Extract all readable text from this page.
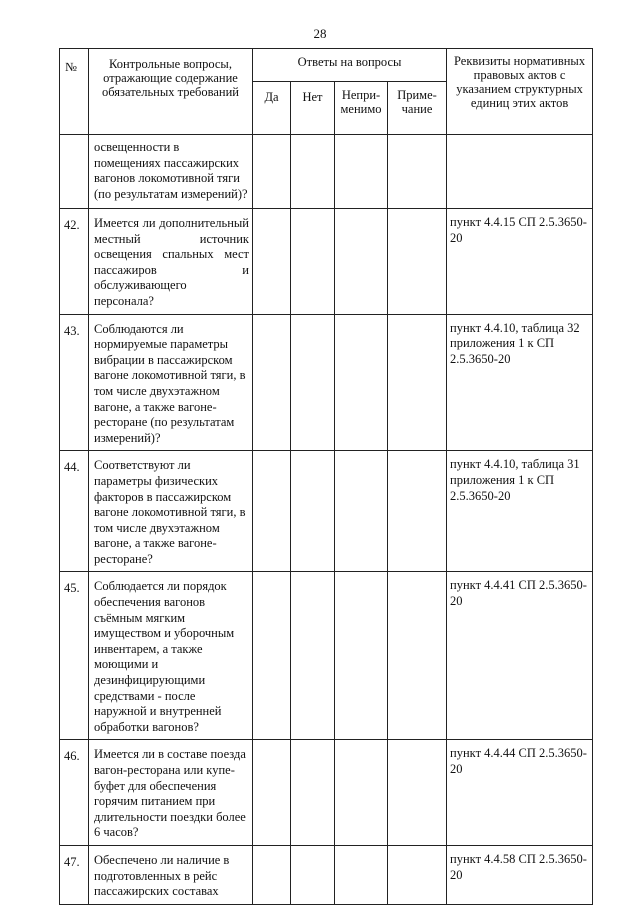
28
№	Контрольные вопросы, отражающие содержание обязательных требований	Ответы на вопросы				Реквизиты нормативных правовых актов с указанием структурных единиц этих актов
		Да	Нет	Непри-менимо	Приме-чание	
	освещенности в помещениях пассажирских вагонов локомотивной тяги (по результатам измерений)?					
42.	Имеется ли дополнительный местный источник освещения спальных мест пассажиров и обслуживающего персонала?					пункт 4.4.15 СП 2.5.3650-20
43.	Соблюдаются ли нормируемые параметры вибрации в пассажирском вагоне локомотивной тяги, в том числе двухэтажном вагоне, а также вагоне-ресторане (по результатам измерений)?					пункт 4.4.10, таблица 32 приложения 1 к СП 2.5.3650-20
44.	Соответствуют ли параметры физических факторов в пассажирском вагоне локомотивной тяги, в том числе двухэтажном вагоне, а также вагоне-ресторане?					пункт 4.4.10, таблица 31 приложения 1 к СП 2.5.3650-20
45.	Соблюдается ли порядок обеспечения вагонов съёмным мягким имуществом и уборочным инвентарем, а также моющими и дезинфицирующими средствами - после наружной и внутренней обработки вагонов?					пункт 4.4.41 СП 2.5.3650-20
46.	Имеется ли в составе поезда вагон-ресторана или купе-буфет для обеспечения горячим питанием при длительности поездки более 6 часов?					пункт 4.4.44 СП 2.5.3650-20
47.	Обеспечено ли наличие в подготовленных в рейс пассажирских составах					пункт 4.4.58 СП 2.5.3650-20
